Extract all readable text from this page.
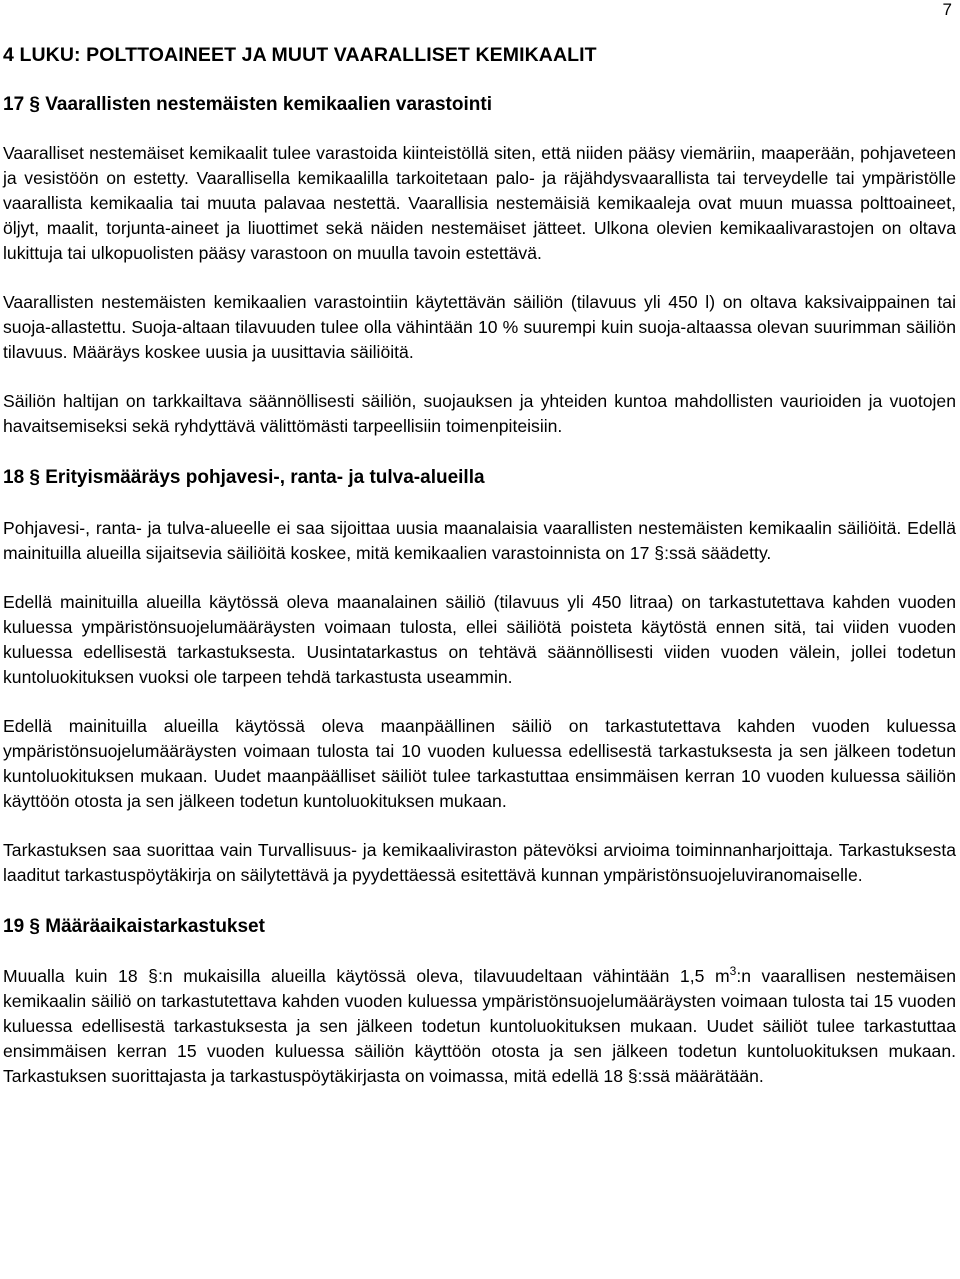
7
4 LUKU: POLTTOAINEET JA MUUT VAARALLISET KEMIKAALIT
17 § Vaarallisten nestemäisten kemikaalien varastointi

Vaaralliset nestemäiset kemikaalit tulee varastoida kiinteistöllä siten, että niiden pääsy viemäriin, maaperään, pohjaveteen ja vesistöön on estetty. Vaarallisella kemikaalilla tarkoitetaan palo- ja räjähdysvaarallista tai terveydelle tai ympäristölle vaarallista kemikaalia tai muuta palavaa nestettä. Vaarallisia nestemäisiä kemikaaleja ovat muun muassa polttoaineet, öljyt, maalit, torjunta-aineet ja liuottimet sekä näiden nestemäiset jätteet. Ulkona olevien kemikaalivarastojen on oltava lukittuja tai ulkopuolisten pääsy varastoon on muulla tavoin estettävä.

Vaarallisten nestemäisten kemikaalien varastointiin käytettävän säiliön (tilavuus yli 450 l) on oltava kaksivaippainen tai suoja-allastettu. Suoja-altaan tilavuuden tulee olla vähintään 10 % suurempi kuin suoja-altaassa olevan suurimman säiliön tilavuus. Määräys koskee uusia ja uusittavia säiliöitä.

Säiliön haltijan on tarkkailtava säännöllisesti säiliön, suojauksen ja yhteiden kuntoa mahdollisten vaurioiden ja vuotojen havaitsemiseksi sekä ryhdyttävä välittömästi tarpeellisiin toimenpiteisiin.

18 § Erityismääräys pohjavesi-, ranta- ja tulva-alueilla

Pohjavesi-, ranta- ja tulva-alueelle ei saa sijoittaa uusia maanalaisia vaarallisten nestemäisten kemikaalin säiliöitä. Edellä mainituilla alueilla sijaitsevia säiliöitä koskee, mitä kemikaalien varastoinnista on 17 §:ssä säädetty.

Edellä mainituilla alueilla käytössä oleva maanalainen säiliö (tilavuus yli 450 litraa) on tarkastutettava kahden vuoden kuluessa ympäristönsuojelumääräysten voimaan tulosta, ellei säiliötä poisteta käytöstä ennen sitä, tai viiden vuoden kuluessa edellisestä tarkastuksesta. Uusintatarkastus on tehtävä säännöllisesti viiden vuoden välein, jollei todetun kuntoluokituksen vuoksi ole tarpeen tehdä tarkastusta useammin.

Edellä mainituilla alueilla käytössä oleva maanpäällinen säiliö on tarkastutettava kahden vuoden kuluessa ympäristönsuojelumääräysten voimaan tulosta tai 10 vuoden kuluessa edellisestä tarkastuksesta ja sen jälkeen todetun kuntoluokituksen mukaan. Uudet maanpäälliset säiliöt tulee tarkastuttaa ensimmäisen kerran 10 vuoden kuluessa säiliön käyttöön otosta ja sen jälkeen todetun kuntoluokituksen mukaan.

Tarkastuksen saa suorittaa vain Turvallisuus- ja kemikaaliviraston pätevöksi arvioima toiminnanharjoittaja. Tarkastuksesta laaditut tarkastuspöytäkirja on säilytettävä ja pyydettäessä esitettävä kunnan ympäristönsuojeluviranomaiselle.

19 § Määräaikaistarkastukset

Muualla kuin 18 §:n mukaisilla alueilla käytössä oleva, tilavuudeltaan vähintään 1,5 $m^3:n$ vaarallisen nestemäisen kemikaalin säiliö on tarkastutettava kahden vuoden kuluessa ympäristönsuojelumääräysten voimaan tulosta tai 15 vuoden kuluessa edellisestä tarkastuksesta ja sen jälkeen todetun kuntoluokituksen mukaan. Uudet säiliöt tulee tarkastuttaa ensimmäisen kerran 15 vuoden kuluessa säiliön käyttöön otosta ja sen jälkeen todetun kuntoluokituksen mukaan. Tarkastuksen suorittajasta ja tarkastuspöytäkirjasta on voimassa, mitä edellä 18 §:ssä määrätään.
